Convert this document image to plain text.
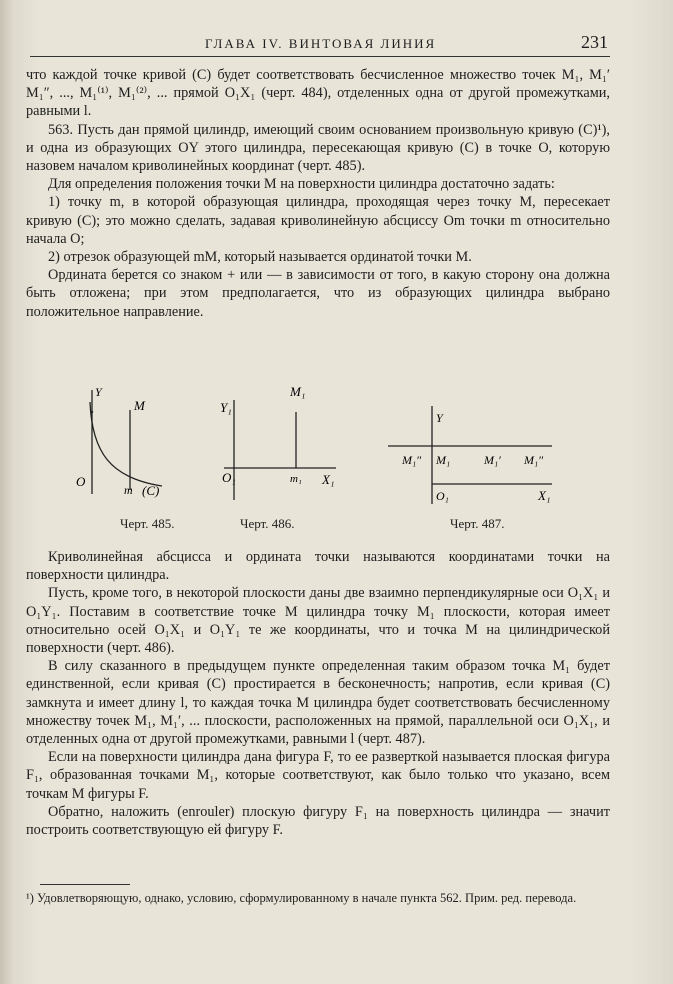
ГЛАВА IV. ВИНТОВАЯ ЛИНИЯ	231

что каждой точке кривой (C) будет соответствовать бесчисленное множество точек M₁, M₁′ M₁″, ..., M₁⁽¹⁾, M₁⁽²⁾, ... прямой O₁X₁ (черт. 484), отделенных одна от другой промежутками, равными l.

563. Пусть дан прямой цилиндр, имеющий своим основанием произвольную кривую (C)¹), и одна из образующих OY этого цилиндра, пересекающая кривую (C) в точке O, которую назовем началом криволинейных координат (черт. 485).

Для определения положения точки M на поверхности цилиндра достаточно задать:

1) точку m, в которой образующая цилиндра, проходящая через точку M, пересекает кривую (C); это можно сделать, задавая криволинейную абсциссу Om точки m относительно начала O;

2) отрезок образующей mM, который называется ординатой точки M.

Ордината берется со знаком + или — в зависимости от того, в какую сторону она должна быть отложена; при этом предполагается, что из образующих цилиндра выбрано положительное направление.

Y
M
O
m (C)
Черт. 485.
Y₁
M₁
O₁	m₁ X₁
Черт. 486.
Y
M₁″ M₁	M₁′ M₁″
O₁	X₁
Черт. 487.

Криволинейная абсцисса и ордината точки называются координатами точки на поверхности цилиндра.

Пусть, кроме того, в некоторой плоскости даны две взаимно перпендикулярные оси O₁X₁ и O₁Y₁. Поставим в соответствие точке M цилиндра точку M₁ плоскости, которая имеет относительно осей O₁X₁ и O₁Y₁ те же координаты, что и точка M на цилиндрической поверхности (черт. 486).

В силу сказанного в предыдущем пункте определенная таким образом точка M₁ будет единственной, если кривая (C) простирается в бесконечность; напротив, если кривая (C) замкнута и имеет длину l, то каждая точка M цилиндра будет соответствовать бесчисленному множеству точек M₁, M₁′, ... плоскости, расположенных на прямой, параллельной оси O₁X₁, и отделенных одна от другой промежутками, равными l (черт. 487).

Если на поверхности цилиндра дана фигура F, то ее разверткой называется плоская фигура F₁, образованная точками M₁, которые соответствуют, как было только что указано, всем точкам M фигуры F.

Обратно, наложить (enrouler) плоскую фигуру F₁ на поверхность цилиндра — значит построить соответствующую ей фигуру F.

¹) Удовлетворяющую, однако, условию, сформулированному в начале пункта 562. Прим. ред. перевода.
